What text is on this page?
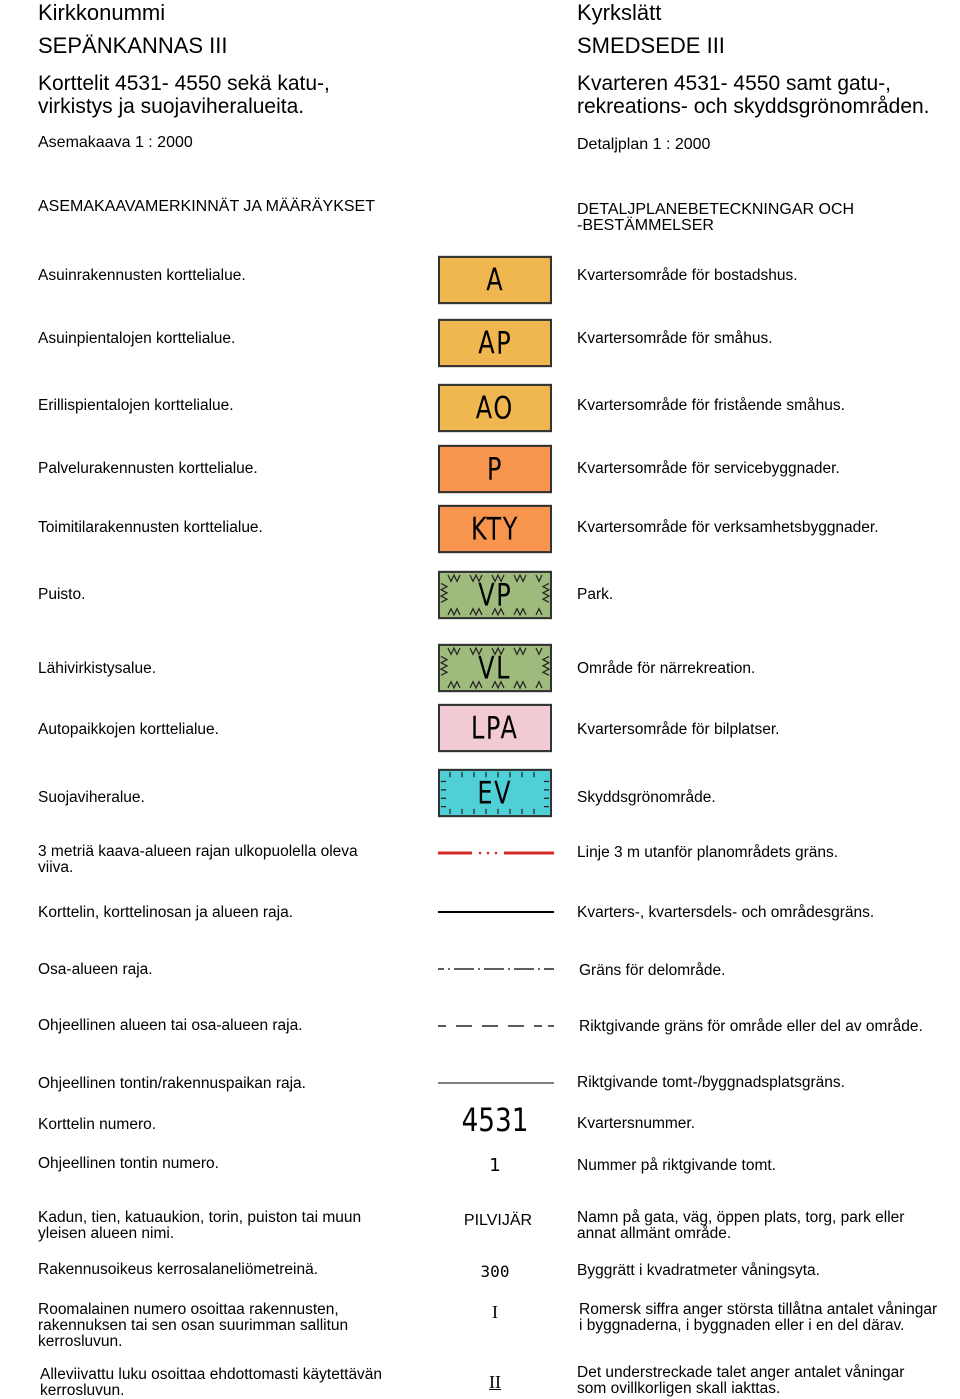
Kirkkonummi
SEPÄNKANNAS III
Korttelit 4531- 4550 sekä katu-,
virkistys ja suojaviheralueita.
Asemakaava 1 : 2000
Kyrkslätt
SMEDSEDE III
Kvarteren 4531- 4550 samt gatu-,
rekreations- och skyddsgrönområden.
Detaljplan 1 : 2000
ASEMAKAAVAMERKINNÄT JA MÄÄRÄYKSET	DETALJPLANEBETECKNINGAR OCH
-BESTÄMMELSER
Asuinrakennusten korttelialue.	A	Kvartersområde för bostadshus.
Asuinpientalojen korttelialue.	AP	Kvartersområde för småhus.
Erillispientalojen korttelialue.	AO	Kvartersområde för fristående småhus.
Palvelurakennusten korttelialue.	P	Kvartersområde för servicebyggnader.
Toimitilarakennusten korttelialue.	KTY	Kvartersområde för verksamhetsbyggnader.
Puisto.	VP	Park.
Lähivirkistysalue.	VL	Område för närrekreation.
Autopaikkojen korttelialue.	LPA	Kvartersområde för bilplatser.
Suojaviheralue.	EV	Skyddsgrönområde.
3 metriä kaava-alueen rajan ulkopuolella oleva
viiva.
Linje 3 m utanför planområdets gräns.
Korttelin, korttelinosan ja alueen raja.	Kvarters-, kvartersdels- och områdesgräns.
Osa-alueen raja.	Gräns för delområde.
Ohjeellinen alueen tai osa-alueen raja.	Riktgivande gräns för område eller del av område.
Ohjeellinen tontin/rakennuspaikan raja.	Riktgivande tomt-/byggnadsplatsgräns.
Korttelin numero.	4531	Kvartersnummer.
Ohjeellinen tontin numero.	1	Nummer på riktgivande tomt.
Kadun, tien, katuaukion, torin, puiston tai muun
yleisen alueen nimi.
PILVIJÄR	Namn på gata, väg, öppen plats, torg, park eller
annat allmänt område.
Rakennusoikeus kerrosalaneliömetreinä.	300	Byggrätt i kvadratmeter våningsyta.
Roomalainen numero osoittaa rakennusten,
rakennuksen tai sen osan suurimman sallitun
kerrosluvun.
I	Romersk siffra anger största tillåtna antalet våningar
i byggnaderna, i byggnaden eller i en del därav.
Alleviivattu luku osoittaa ehdottomasti käytettävän
kerrosluvun.	II	Det understreckade talet anger antalet våningar
som ovillkorligen skall iakttas.
